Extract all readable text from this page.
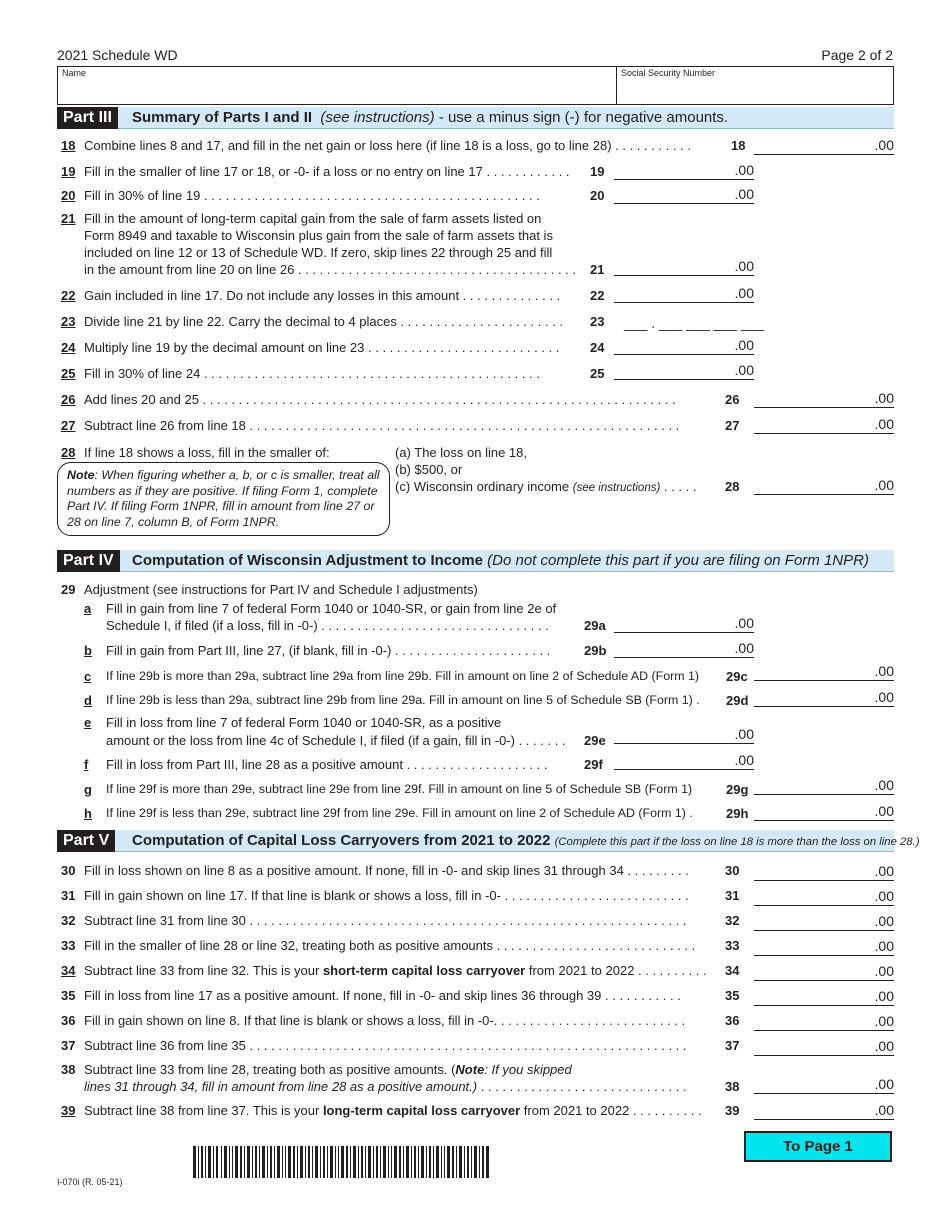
2021 Schedule WD	Page 2 of 2
Name	Social Security Number
Part III	Summary of Parts I and II (see instructions) - use a minus sign (-) for negative amounts.
18 Combine lines 8 and 17, and fill in the net gain or loss here (if line 18 is a loss, go to line 28) . . . . . . . . . . .	18	.00
19 Fill in the smaller of line 17 or 18, or -0- if a loss or no entry on line 17 . . . . . . . . . . . . 19	.00
20 Fill in 30% of line 19 . . . . . . . . . . . . . . . . . . . . . . . . . . . . . . . . . . . . . . . . . . . . . . .	20	.00
21 Fill in the amount of long-term capital gain from the sale of farm assets listed on
Form 8949 and taxable to Wisconsin plus gain from the sale of farm assets that is
included on line 12 or 13 of Schedule WD. If zero, skip lines 22 through 25 and fill
in the amount from line 20 on line 26 . . . . . . . . . . . . . . . . . . . . . . . . . . . . . . . . . . . . . . . 21	.00
22 Gain included in line 17. Do not include any losses in this amount . . . . . . . . . . . . . . 22	.00
23 Divide line 21 by line 22. Carry the decimal to 4 places . . . . . . . . . . . . . . . . . . . . . . . 23 ___ . ___ ___ ___ ___
24 Multiply line 19 by the decimal amount on line 23 . . . . . . . . . . . . . . . . . . . . . . . . . . . 24	.00
25 Fill in 30% of line 24 . . . . . . . . . . . . . . . . . . . . . . . . . . . . . . . . . . . . . . . . . . . . . . .	25	.00
26 Add lines 20 and 25 . . . . . . . . . . . . . . . . . . . . . . . . . . . . . . . . . . . . . . . . . . . . . . . . . . . . . . . . . . . . . . . . . .	26	.00
27 Subtract line 26 from line 18 . . . . . . . . . . . . . . . . . . . . . . . . . . . . . . . . . . . . . . . . . . . . . . . . . . . . . . . . . . . .	27	.00
28 If line 18 shows a loss, fill in the smaller of:	(a) The loss on line 18,
(b) $500, or
(c) Wisconsin ordinary income (see instructions) . . . . . 28	.00
Note: When figuring whether a, b, or c is smaller, treat all numbers as if they are positive. If filing Form 1, complete Part IV. If filing Form 1NPR, fill in amount from line 27 or 28 on line 7, column B, of Form 1NPR.
Part IV	Computation of Wisconsin Adjustment to Income (Do not complete this part if you are filing on Form 1NPR)
29 Adjustment (see instructions for Part IV and Schedule I adjustments)
a Fill in gain from line 7 of federal Form 1040 or 1040-SR, or gain from line 2e of
Schedule I, if filed (if a loss, fill in -0-) . . . . . . . . . . . . . . . . . . . . . . . . . . . . . . . .	29a	.00
b Fill in gain from Part III, line 27, (if blank, fill in -0-) . . . . . . . . . . . . . . . . . . . . . .	29b	.00
c If line 29b is more than 29a, subtract line 29a from line 29b. Fill in amount on line 2 of Schedule AD (Form 1) 29c	.00
d If line 29b is less than 29a, subtract line 29b from line 29a. Fill in amount on line 5 of Schedule SB (Form 1) . 29d	.00
e Fill in loss from line 7 of federal Form 1040 or 1040-SR, as a positive
amount or the loss from line 4c of Schedule I, if filed (if a gain, fill in -0-) . . . . . . . 29e	.00
f Fill in loss from Part III, line 28 as a positive amount . . . . . . . . . . . . . . . . . . . .	29f	.00
g If line 29f is more than 29e, subtract line 29e from line 29f. Fill in amount on line 5 of Schedule SB (Form 1)	29g	.00
h If line 29f is less than 29e, subtract line 29f from line 29e. Fill in amount on line 2 of Schedule AD (Form 1) .	29h	.00
Part V	Computation of Capital Loss Carryovers from 2021 to 2022 (Complete this part if the loss on line 18 is more than the loss on line 28.)
30 Fill in loss shown on line 8 as a positive amount. If none, fill in -0- and skip lines 31 through 34 . . . . . . . . .	30	.00
31 Fill in gain shown on line 17. If that line is blank or shows a loss, fill in -0- . . . . . . . . . . . . . . . . . . . . . . . . . .	31	.00
32 Subtract line 31 from line 30 . . . . . . . . . . . . . . . . . . . . . . . . . . . . . . . . . . . . . . . . . . . . . . . . . . . . . . . . . . . . .	32	.00
33 Fill in the smaller of line 28 or line 32, treating both as positive amounts . . . . . . . . . . . . . . . . . . . . . . . . . . . . 33	.00
34 Subtract line 33 from line 32. This is your short-term capital loss carryover from 2021 to 2022 . . . . . . . . . . 34	.00
35 Fill in loss from line 17 as a positive amount. If none, fill in -0- and skip lines 36 through 39 . . . . . . . . . . .	35	.00
36 Fill in gain shown on line 8. If that line is blank or shows a loss, fill in -0-. . . . . . . . . . . . . . . . . . . . . . . . . . .	36	.00
37 Subtract line 36 from line 35 . . . . . . . . . . . . . . . . . . . . . . . . . . . . . . . . . . . . . . . . . . . . . . . . . . . . . . . . . . . . .	37	.00
38 Subtract line 33 from line 28, treating both as positive amounts. (Note: If you skipped
lines 31 through 34, fill in amount from line 28 as a positive amount.) . . . . . . . . . . . . . . . . . . . . . . . . . . . . .	38	.00
39 Subtract line 38 from line 37. This is your long-term capital loss carryover from 2021 to 2022 . . . . . . . . . . 39	.00
To Page 1
I-070i (R. 05-21)
